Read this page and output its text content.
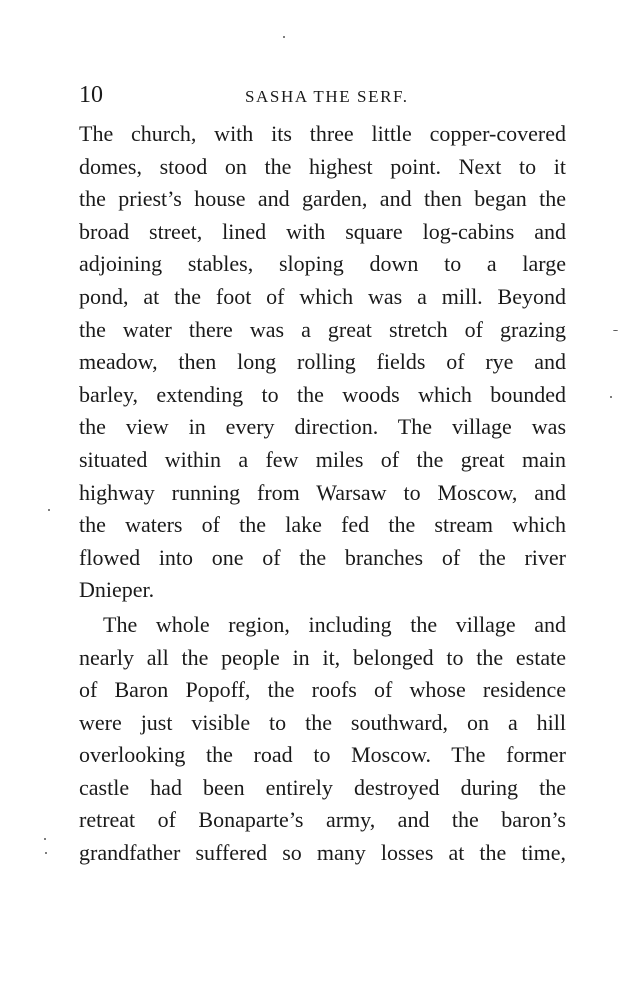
10	SASHA THE SERF.
The church, with its three little copper-covered
domes, stood on the highest point. Next to it
the priest’s house and garden, and then began the
broad street, lined with square log-cabins and
adjoining stables, sloping down to a large
pond, at the foot of which was a mill. Beyond
the water there was a great stretch of grazing
meadow, then long rolling fields of rye and
barley, extending to the woods which bounded
the view in every direction. The village was
situated within a few miles of the great main
highway running from Warsaw to Moscow, and
the waters of the lake fed the stream which
flowed into one of the branches of the river
Dnieper.
The whole region, including the village and
nearly all the people in it, belonged to the estate
of Baron Popoff, the roofs of whose residence
were just visible to the southward, on a hill
overlooking the road to Moscow. The former
castle had been entirely destroyed during the
retreat of Bonaparte’s army, and the baron’s
grandfather suffered so many losses at the time,
